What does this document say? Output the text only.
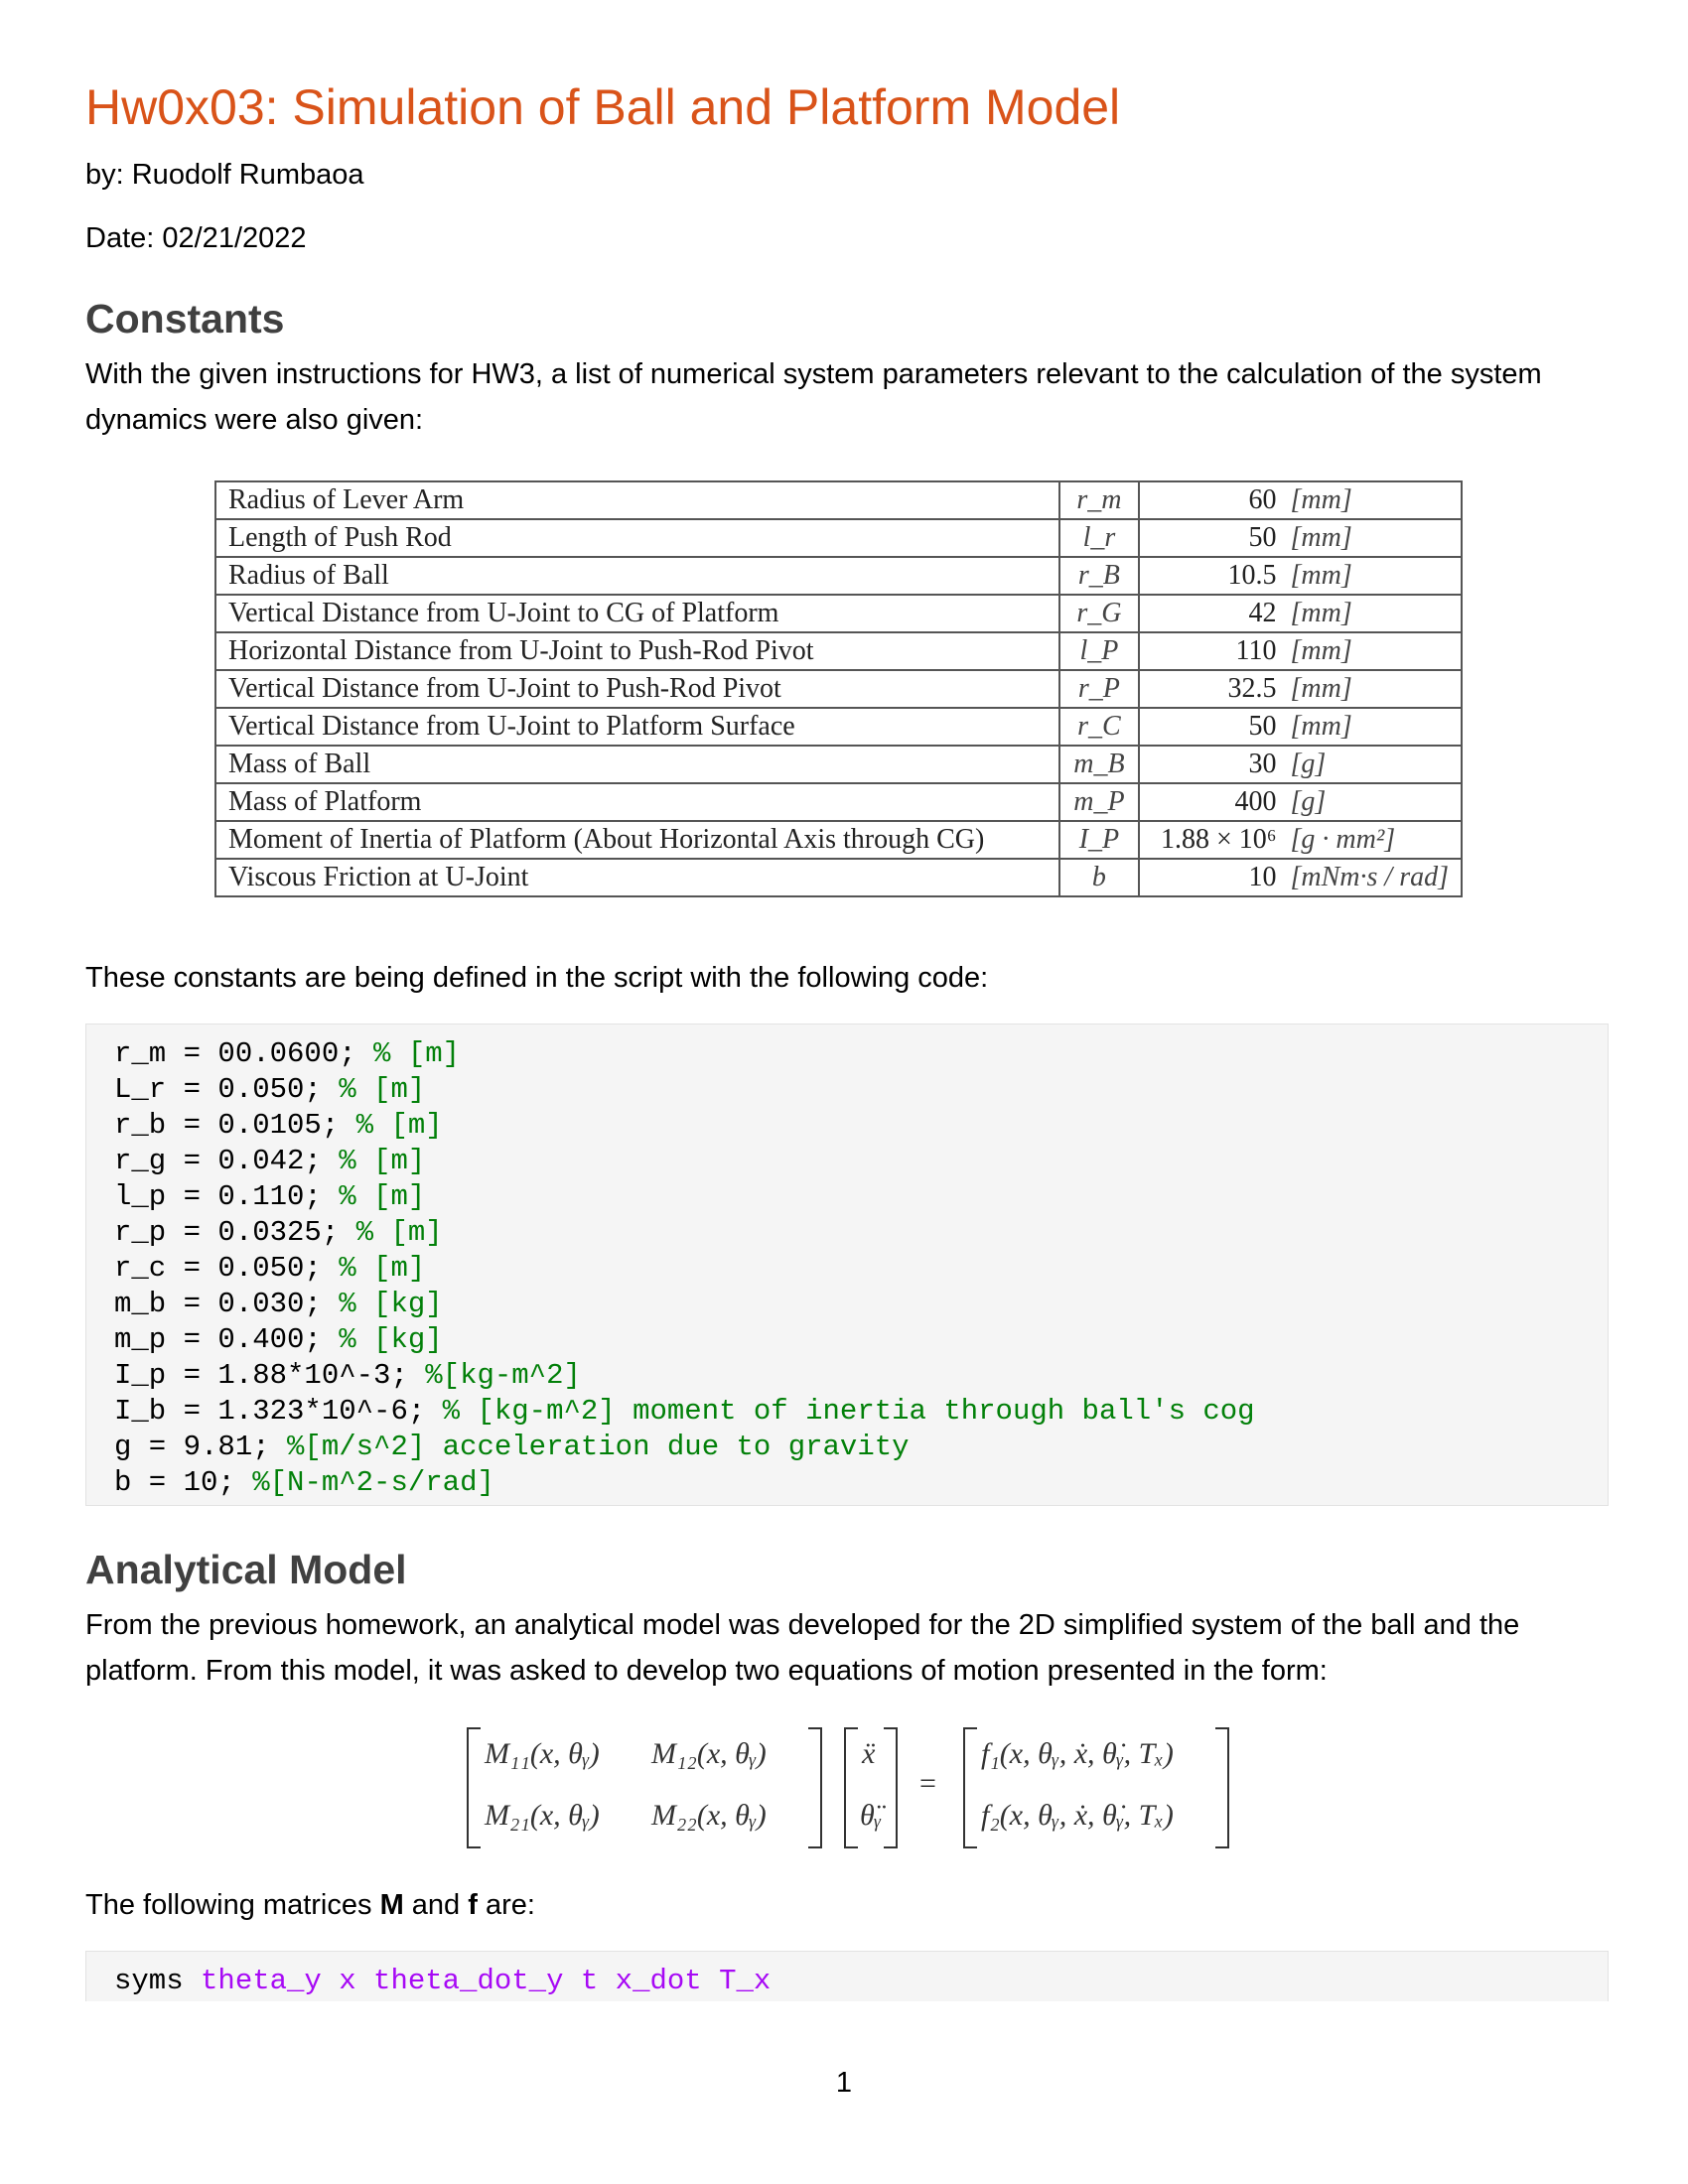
Hw0x03: Simulation of Ball and Platform Model
by: Ruodolf Rumbaoa
Date: 02/21/2022
Constants

With the given instructions for HW3, a list of numerical system parameters relevant to the calculation of the system dynamics were also given:

Radius of Lever Arm	r_m	60	[mm]
Length of Push Rod	l_r	50	[mm]
Radius of Ball	r_B	10.5	[mm]
Vertical Distance from U-Joint to CG of Platform	r_G	42	[mm]
Horizontal Distance from U-Joint to Push-Rod Pivot	l_P	110	[mm]
Vertical Distance from U-Joint to Push-Rod Pivot	r_P	32.5	[mm]
Vertical Distance from U-Joint to Platform Surface	r_C	50	[mm]
Mass of Ball	m_B	30	[g]
Mass of Platform	m_P	400	[g]
Moment of Inertia of Platform (About Horizontal Axis through CG)	I_P	1.88 × 10⁶	[g · mm²]
Viscous Friction at U-Joint	b	10	[mNm·s / rad]

These constants are being defined in the script with the following code:

r_m = 00.0600; % [m]
L_r = 0.050; % [m]
r_b = 0.0105; % [m]
r_g = 0.042; % [m]
l_p = 0.110; % [m]
r_p = 0.0325; % [m]
r_c = 0.050; % [m]
m_b = 0.030; % [kg]
m_p = 0.400; % [kg]
I_p = 1.88*10^-3; %[kg-m^2]
I_b = 1.323*10^-6; % [kg-m^2] moment of inertia through ball's cog
g = 9.81; %[m/s^2] acceleration due to gravity
b = 10; %[N-m^2-s/rad]
Analytical Model

From the previous homework, an analytical model was developed for the 2D simplified system of the ball and the platform. From this model, it was asked to develop two equations of motion presented in the form:

M₁₁(x, θᵧ) M₁₂(x, θᵧ)
M₂₁(x, θᵧ) M₂₂(x, θᵧ)
ẍ
θ̈ᵧ
=
f₁(x, θᵧ, ẋ, θ̇ᵧ, Tₓ)
f₂(x, θᵧ, ẋ, θ̇ᵧ, Tₓ)

The following matrices M and f are:

syms theta_y x theta_dot_y t x_dot T_x
1
